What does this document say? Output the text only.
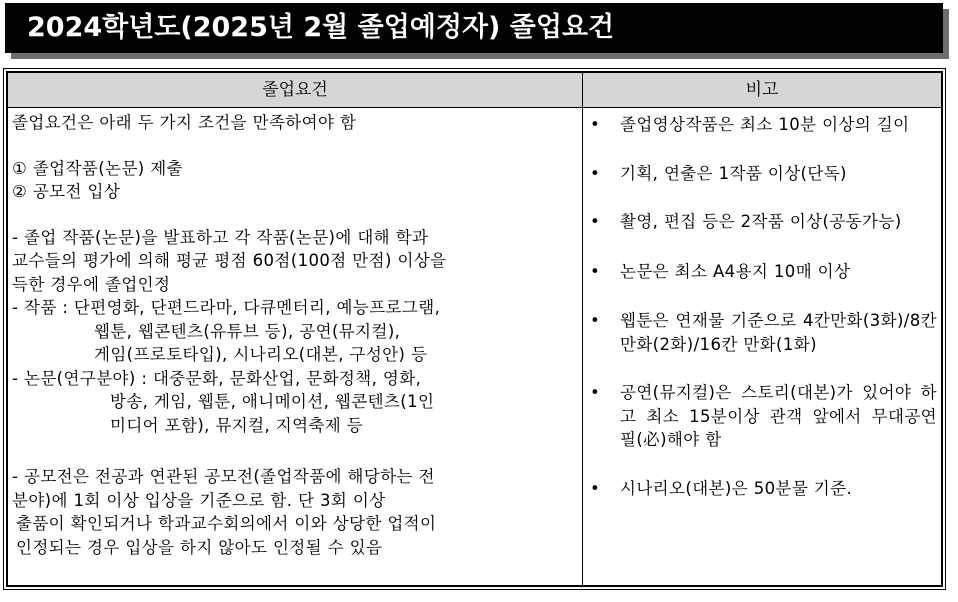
2024학년도(2025년 2월 졸업예정자) 졸업요건
졸업요건	비고
졸업요건은 아래 두 가지 조건을 만족하여야 함
① 졸업작품(논문) 제출
② 공모전 입상
- 졸업 작품(논문)을 발표하고 각 작품(논문)에 대해 학과
교수들의 평가에 의해 평균 평점 60점(100점 만점) 이상을
득한 경우에 졸업인정
- 작품 : 단편영화, 단편드라마, 다큐멘터리, 예능프로그램,
웹툰, 웹콘텐츠(유튜브 등), 공연(뮤지컬),
게임(프로토타입), 시나리오(대본, 구성안) 등
- 논문(연구분야) : 대중문화, 문화산업, 문화정책, 영화,
방송, 게임, 웹툰, 애니메이션, 웹콘텐츠(1인
미디어 포함), 뮤지컬, 지역축제 등
- 공모전은 전공과 연관된 공모전(졸업작품에 해당하는 전
분야)에 1회 이상 입상을 기준으로 함. 단 3회 이상
출품이 확인되거나 학과교수회의에서 이와 상당한 업적이
인정되는 경우 입상을 하지 않아도 인정될 수 있음
• 졸업영상작품은 최소 10분 이상의 길이
• 기획, 연출은 1작품 이상(단독)
• 촬영, 편집 등은 2작품 이상(공동가능)
• 논문은 최소 A4용지 10매 이상
• 웹툰은 연재물 기준으로 4칸만화(3화)/8칸만화(2화)/16칸 만화(1화)
• 공연(뮤지컬)은 스토리(대본)가 있어야 하고 최소 15분이상 관객 앞에서 무대공연 필(必)해야 함
• 시나리오(대본)은 50분물 기준.
